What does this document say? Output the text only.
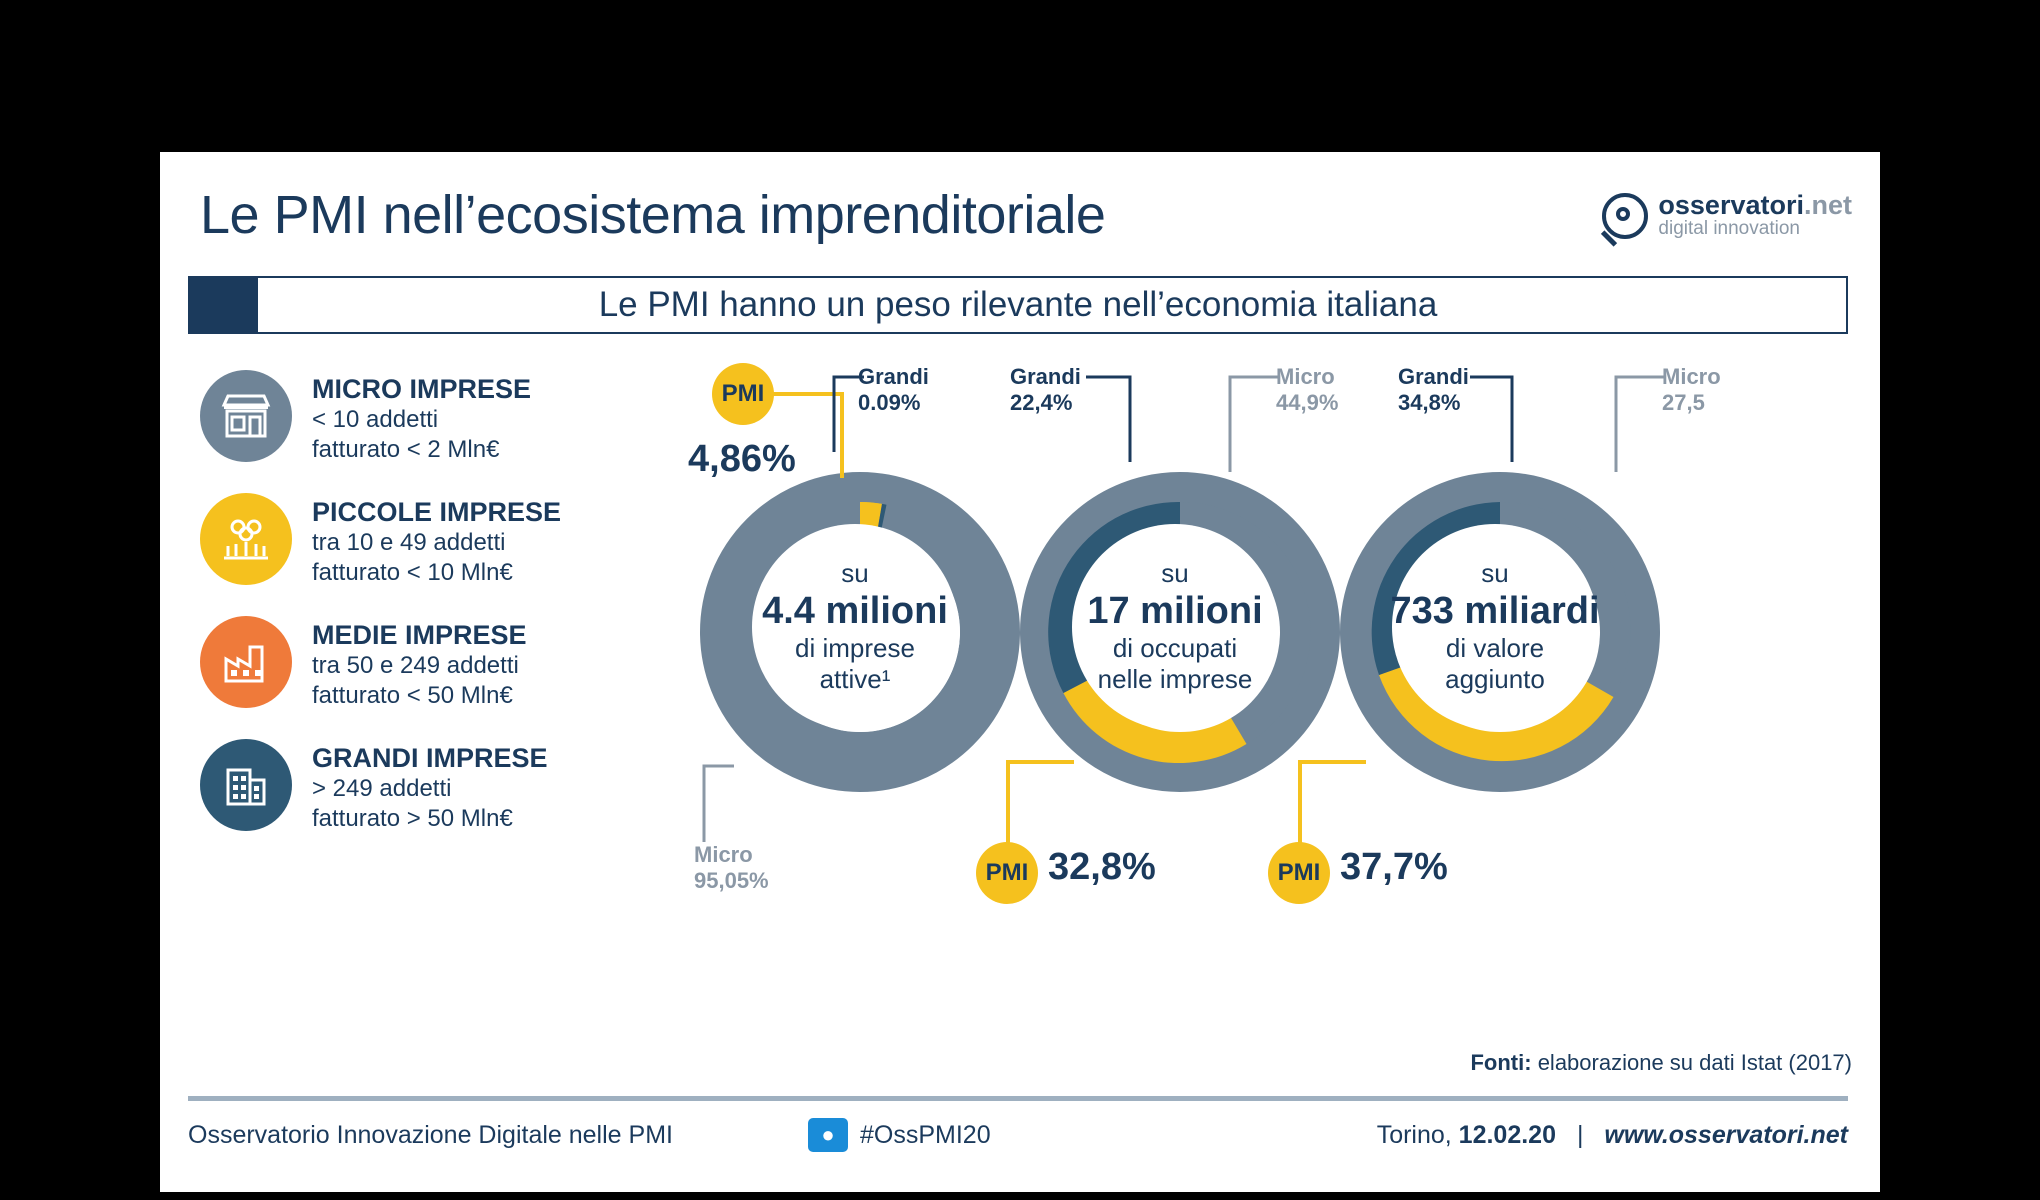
Le PMI nell’ecosistema imprenditoriale	osservatori.net
digital innovation
Le PMI hanno un peso rilevante nell’economia italiana
MICRO IMPRESE
< 10 addetti
fatturato < 2 Mln€
PICCOLE IMPRESE
tra 10 e 49 addetti
fatturato < 10 Mln€
MEDIE IMPRESE
tra 50 e 249 addetti
fatturato < 50 Mln€
GRANDI IMPRESE
> 249 addetti
fatturato > 50 Mln€
su
4.4 milioni
di imprese
attive¹
PMI
4,86%
Grandi
0.09%
Micro
95,05%
su
17 milioni
di occupati
nelle imprese
Grandi
22,4%
Micro
44,9%
PMI 32,8%
su
733 miliardi
di valore
aggiunto
Grandi
34,8%
Micro
27,5
PMI 37,7%
Fonti: elaborazione su dati Istat (2017)
Osservatorio Innovazione Digitale nelle PMI	●	#OssPMI20	Torino, 12.02.20 | www.osservatori.net
